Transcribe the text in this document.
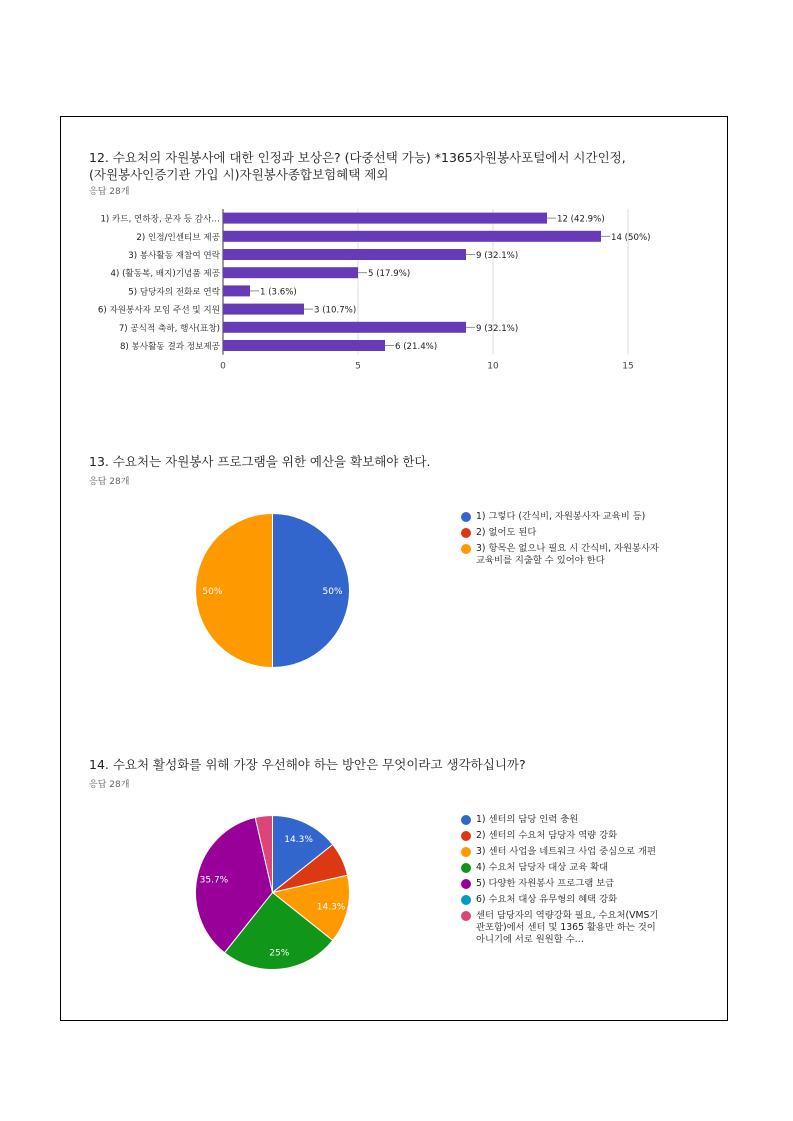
12. 수요처의 자원봉사에 대한 인정과 보상은? (다중선택 가능) *1365자원봉사포털에서 시간인정,
(자원봉사인증기관 가입 시)자원봉사종합보험혜택 제외
응답 28개
0	5	10	15
1) 카드, 연하장, 문자 등 감사…	12 (42.9%)
2) 인정/인센티브 제공	14 (50%)
3) 봉사활동 재참여 연락	9 (32.1%)
4) (활동복, 배지)기념품 제공	5 (17.9%)
5) 담당자의 전화로 연락	1 (3.6%)
6) 자원봉사자 모임 주선 및 지원	3 (10.7%)
7) 공식적 축하, 행사(표창)	9 (32.1%)
8) 봉사활동 결과 정보제공	6 (21.4%)
13. 수요처는 자원봉사 프로그램을 위한 예산을 확보해야 한다.
응답 28개
50%
50%
1) 그렇다 (간식비, 자원봉사자 교육비 등)
2) 없어도 된다
3) 항목은 없으나 필요 시 간식비, 자원봉사자 교육비를 지출할 수 있어야 한다
14. 수요처 활성화를 위해 가장 우선해야 하는 방안은 무엇이라고 생각하십니까?
응답 28개
14.3%
14.3%
25%
35.7%
1) 센터의 담당 인력 충원
2) 센터의 수요처 담당자 역량 강화
3) 센터 사업을 네트워크 사업 중심으로 개편
4) 수요처 담당자 대상 교육 확대
5) 다양한 자원봉사 프로그램 보급
6) 수요처 대상 유무형의 혜택 강화
센터 담당자의 역량강화 필요, 수요처(VMS기관포함)에서 센터 및 1365 활용만 하는 것이 아니기에 서로 원원할 수…
